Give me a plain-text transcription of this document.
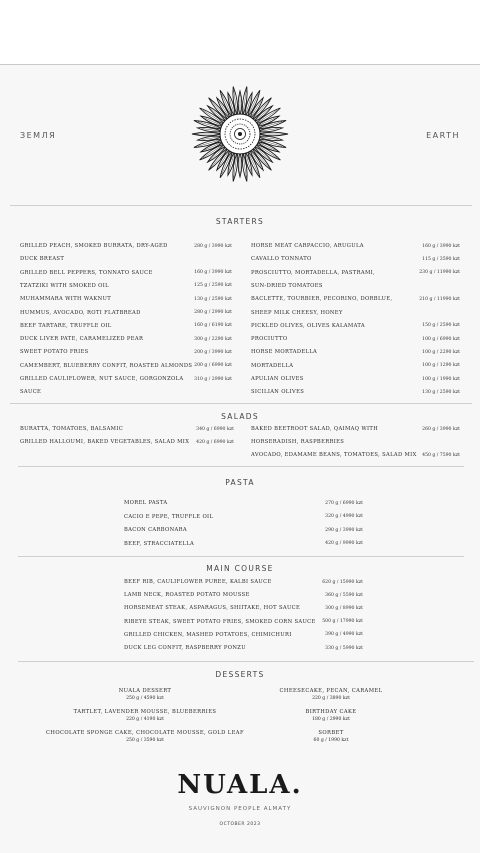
ЗЕМЛЯ	EARTH
STARTERS
GRILLED PEACH, SMOKED BURRATA, DRY-AGED	280 g / 3990 kzt
DUCK BREAST
GRILLED BELL PEPPERS, TONNATO SAUCE	160 g / 3990 kzt
TZATZIKI WITH SMOKED OIL	125 g / 2590 kzt
MUHAMMARA WITH WAKNUT	130 g / 2590 kzt
HUMMUS, AVOCADO, ROTI FLATBREAD	280 g / 2990 kzt
BEEF TARTARE, TRUFFLE OIL	160 g / 6190 kzt
DUCK LIVER PATE, CARAMELIZED PEAR	300 g / 2290 kzt
SWEET POTATO FRIES	200 g / 3990 kzt
CAMEMBERT, BLUEBERRY CONFIT, ROASTED ALMONDS 200 g / 6990 kzt
GRILLED CAULIFLOWER, NUT SAUCE, GORGONZOLA 310 g / 2990 kzt
SAUCE
HORSE MEAT CARPACCIO, ARUGULA	160 g / 3990 kzt
CAVALLO TONNATO	115 g / 3590 kzt
PROSCIUTTO, MORTADELLA, PASTRAMI,	230 g / 11990 kzt
SUN-DRIED TOMATOES
BACLETTE, TOURBIER, PECORINO, DORBLUE,	210 g / 11990 kzt
SHEEP MILK CHEESY, HONEY
PICKLED OLIVES, OLIVES KALAMATA	150 g / 2590 kzt
PROCIUTTO	100 g / 6990 kzt
HORSE MORTADELLA	100 g / 2290 kzt
MORTADELLA	100 g / 1290 kzt
APULIAN OLIVES	100 g / 1990 kzt
SICILIAN OLIVES	130 g / 2590 kzt
SALADS
BURATTA, TOMATOES, BALSAMIC	340 g / 6990 kzt
GRILLED HALLOUMI, BAKED VEGETABLES, SALAD MIX 420 g / 6990 kzt
BAKED BEETROOT SALAD, QAIMAQ WITH	260 g / 3990 kzt
HORSERADISH, RASPBERRIES
AVOCADO, EDAMAME BEANS, TOMATOES, SALAD MIX 450 g / 7590 kzt
PASTA
MOREL PASTA	270 g / 6990 kzt
CACIO E PEPE, TRUFFLE OIL	320 g / 4990 kzt
BACON CARBONARA	290 g / 3990 kzt
BEEF, STRACCIATELLA	420 g / 9990 kzt
MAIN COURSE
BEEF RIB, CAULIFLOWER PUREE, KALBI SAUCE	620 g / 15990 kzt
LAMB NECK, ROASTED POTATO MOUSSE	360 g / 5590 kzt
HORSEMEAT STEAK, ASPARAGUS, SHIITAKE, HOT SAUCE	300 g / 8990 kzt
RIBEYE STEAK, SWEET POTATO FRIES, SMOKED CORN SAUCE 500 g / 17990 kzt
GRILLED CHICKEN, MASHED POTATOES, CHIMICHURI	390 g / 4990 kzt
DUCK LEG CONFIT, RASPBERRY PONZU	330 g / 5990 kzt
DESSERTS
NUALA DESSERT
250 g / 4590 kzt
TARTLET, LAVENDER MOUSSE, BLUEBERRIES
220 g / 4190 kzt
CHOCOLATE SPONGE CAKE, CHOCOLATE MOUSSE, GOLD LEAF
250 g / 3590 kzt
CHEESECAKE, PECAN, CARAMEL
220 g / 3890 kzt
BIRTHDAY CAKE
180 g / 2990 kzt
SORBET
60 g / 1990 kzt
NUALA.
SAUVIGNON PEOPLE ALMATY
OCTOBER 2023
